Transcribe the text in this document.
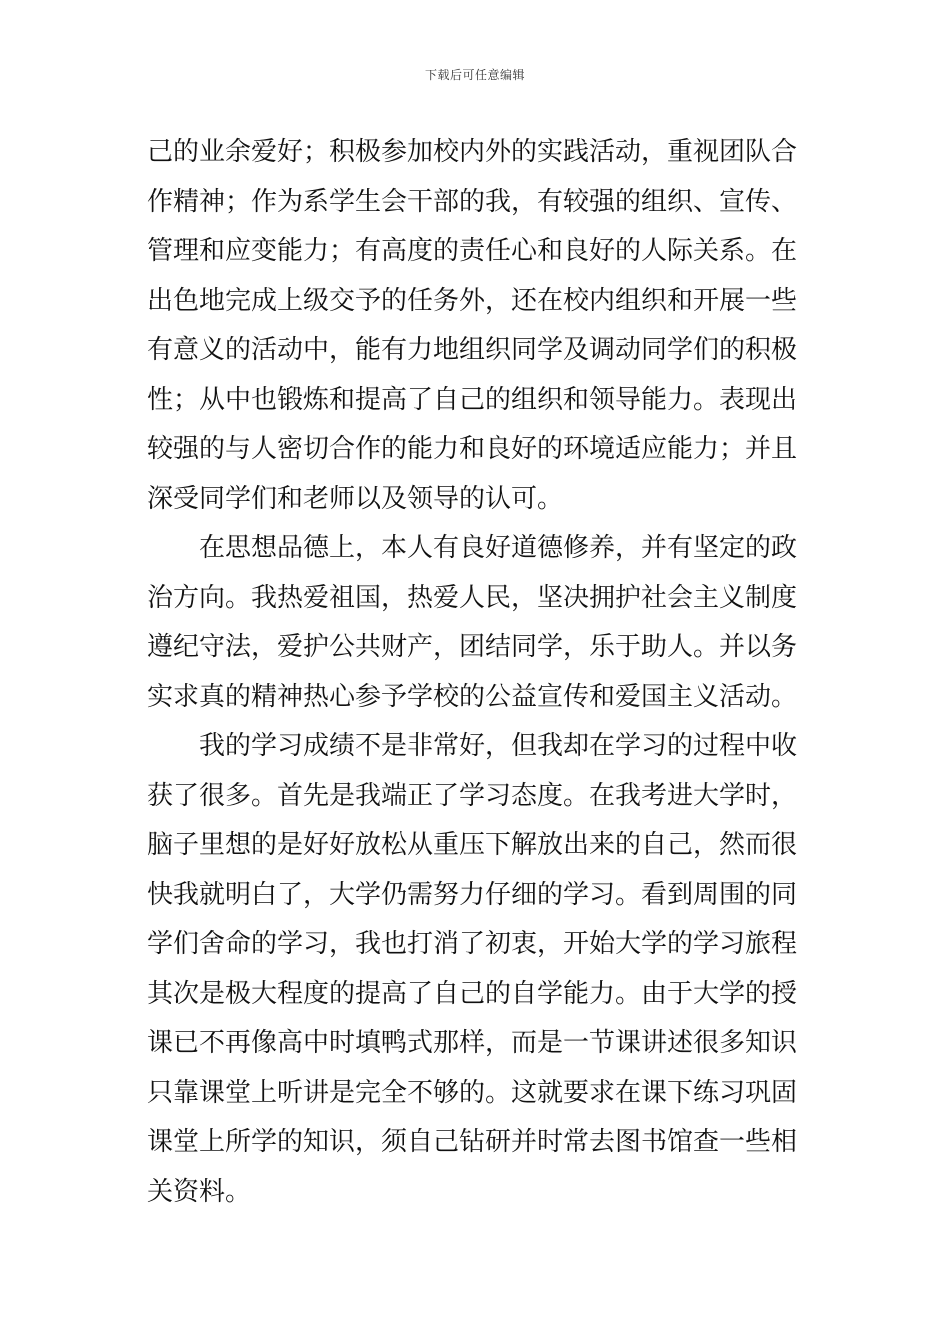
下载后可任意编辑
己的业余爱好；积极参加校内外的实践活动，重视团队合
作精神；作为系学生会干部的我，有较强的组织、宣传、
管理和应变能力；有高度的责任心和良好的人际关系。在
出色地完成上级交予的任务外，还在校内组织和开展一些
有意义的活动中，能有力地组织同学及调动同学们的积极
性；从中也锻炼和提高了自己的组织和领导能力。表现出
较强的与人密切合作的能力和良好的环境适应能力；并且
深受同学们和老师以及领导的认可。
在思想品德上，本人有良好道德修养，并有坚定的政
治方向。我热爱祖国，热爱人民，坚决拥护社会主义制度
遵纪守法，爱护公共财产，团结同学，乐于助人。并以务
实求真的精神热心参予学校的公益宣传和爱国主义活动。
我的学习成绩不是非常好，但我却在学习的过程中收
获了很多。首先是我端正了学习态度。在我考进大学时，
脑子里想的是好好放松从重压下解放出来的自己，然而很
快我就明白了，大学仍需努力仔细的学习。看到周围的同
学们舍命的学习，我也打消了初衷，开始大学的学习旅程
其次是极大程度的提高了自己的自学能力。由于大学的授
课已不再像高中时填鸭式那样，而是一节课讲述很多知识
只靠课堂上听讲是完全不够的。这就要求在课下练习巩固
课堂上所学的知识，须自己钻研并时常去图书馆查一些相
关资料。
